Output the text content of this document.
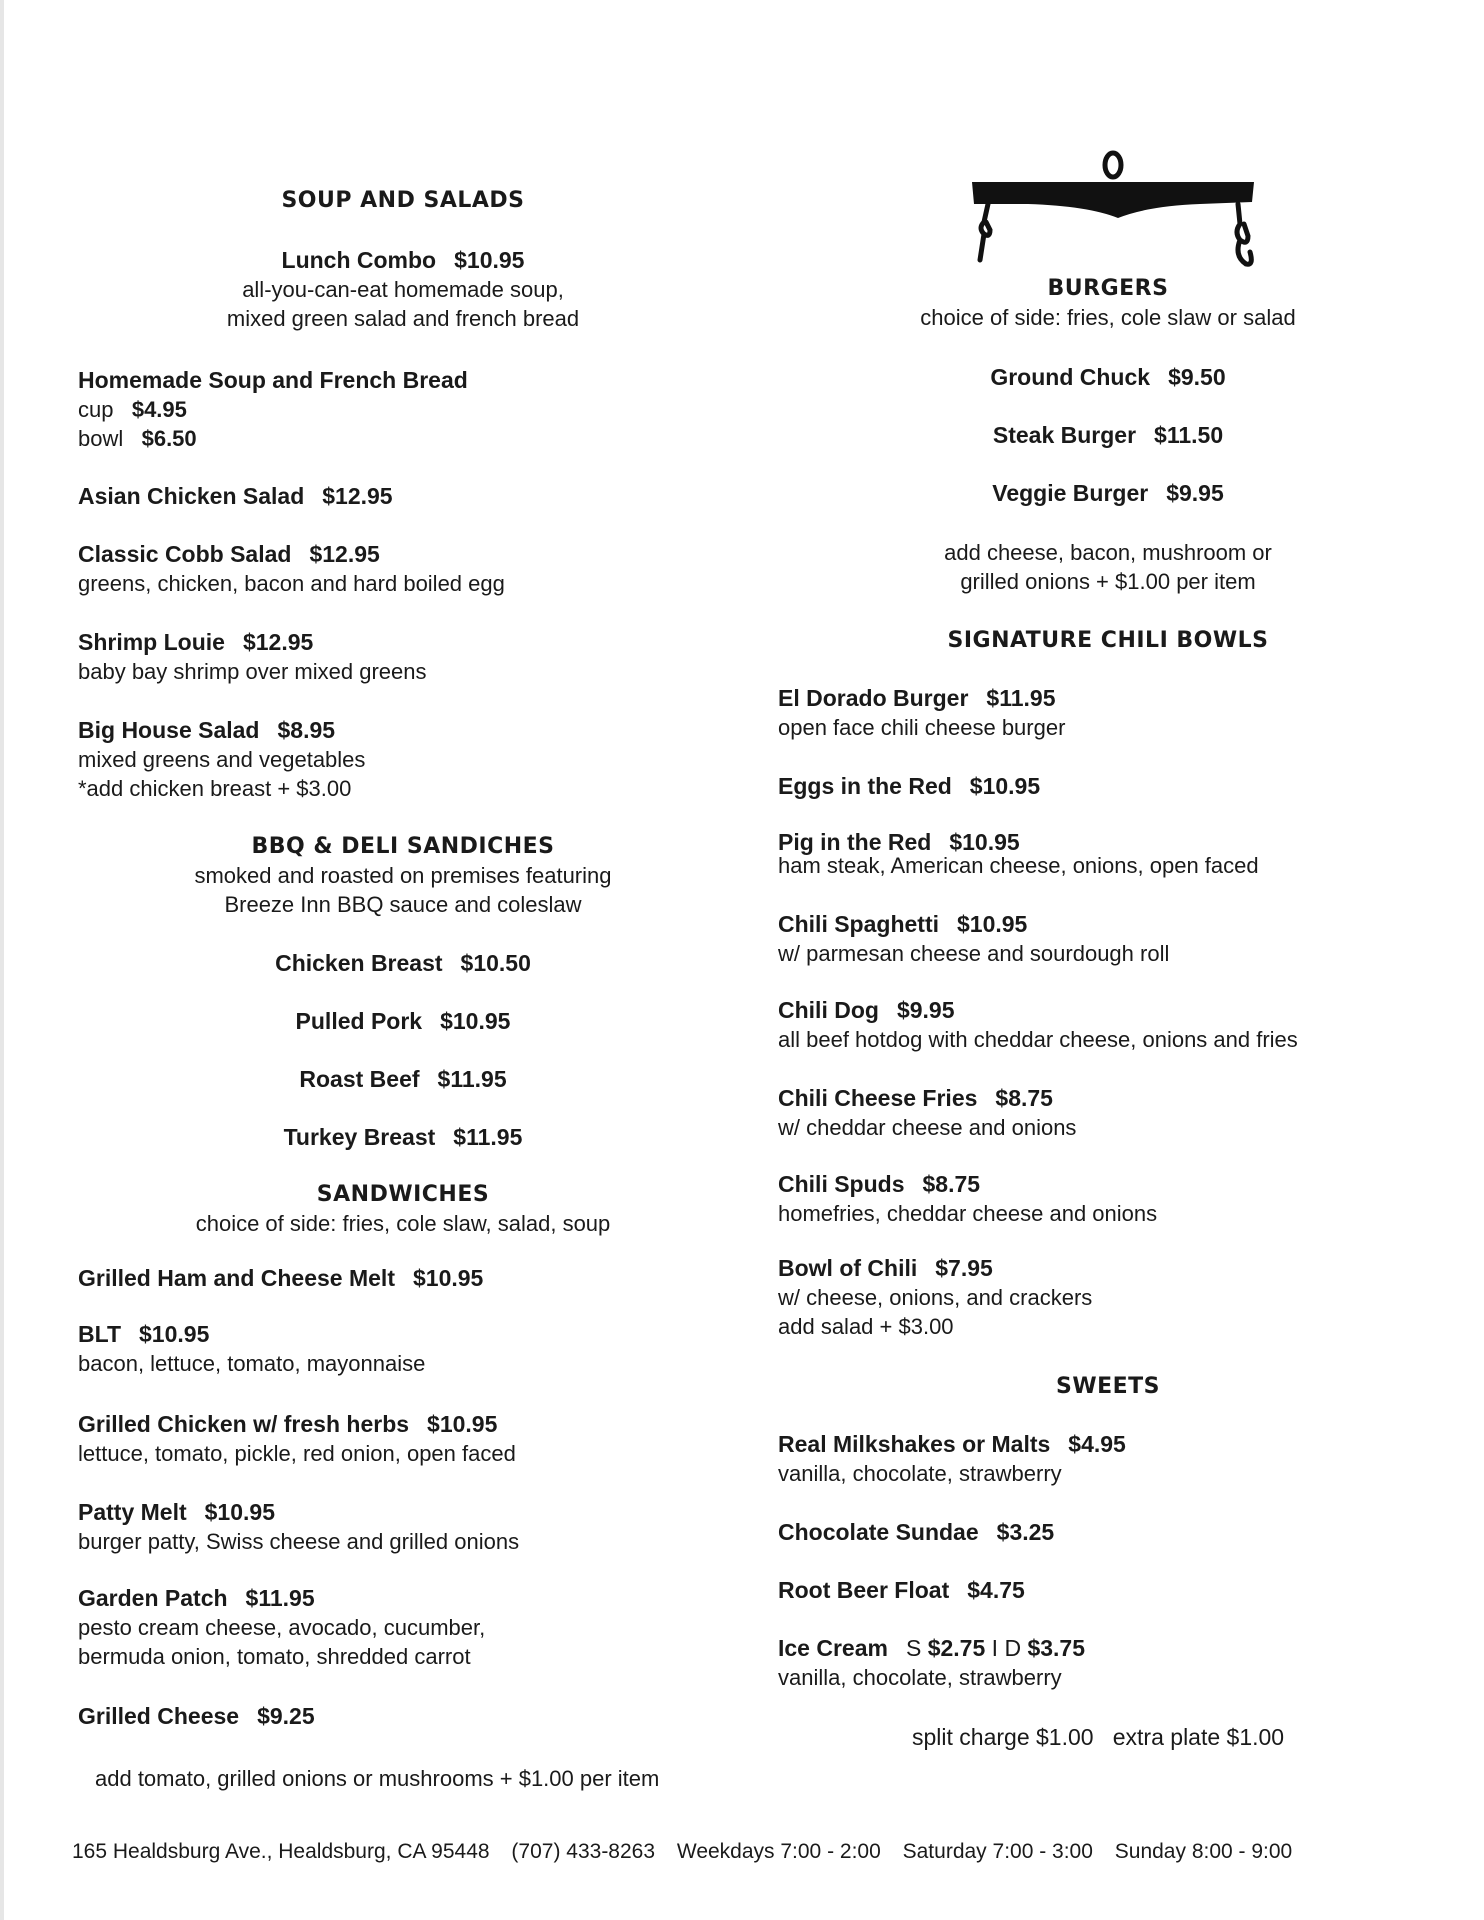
SOUP AND SALADS
Lunch Combo $10.95
all-you-can-eat homemade soup,
mixed green salad and french bread
Homemade Soup and French Bread
cup $4.95
bowl $6.50
Asian Chicken Salad $12.95
Classic Cobb Salad $12.95
greens, chicken, bacon and hard boiled egg
Shrimp Louie $12.95
baby bay shrimp over mixed greens
Big House Salad $8.95
mixed greens and vegetables
*add chicken breast + $3.00
BBQ & DELI SANDICHES
smoked and roasted on premises featuring
Breeze Inn BBQ sauce and coleslaw
Chicken Breast $10.50
Pulled Pork $10.95
Roast Beef $11.95
Turkey Breast $11.95
SANDWICHES
choice of side: fries, cole slaw, salad, soup
Grilled Ham and Cheese Melt $10.95
BLT $10.95
bacon, lettuce, tomato, mayonnaise
Grilled Chicken w/ fresh herbs $10.95
lettuce, tomato, pickle, red onion, open faced
Patty Melt $10.95
burger patty, Swiss cheese and grilled onions
Garden Patch $11.95
pesto cream cheese, avocado, cucumber,
bermuda onion, tomato, shredded carrot
Grilled Cheese $9.25
add tomato, grilled onions or mushrooms + $1.00 per item
BURGERS
choice of side: fries, cole slaw or salad
Ground Chuck $9.50
Steak Burger $11.50
Veggie Burger $9.95
add cheese, bacon, mushroom or
grilled onions + $1.00 per item
SIGNATURE CHILI BOWLS
El Dorado Burger $11.95
open face chili cheese burger
Eggs in the Red $10.95
Pig in the Red $10.95
ham steak, American cheese, onions, open faced
Chili Spaghetti $10.95
w/ parmesan cheese and sourdough roll
Chili Dog $9.95
all beef hotdog with cheddar cheese, onions and fries
Chili Cheese Fries $8.75
w/ cheddar cheese and onions
Chili Spuds $8.75
homefries, cheddar cheese and onions
Bowl of Chili $7.95
w/ cheese, onions, and crackers
add salad + $3.00
SWEETS
Real Milkshakes or Malts $4.95
vanilla, chocolate, strawberry
Chocolate Sundae $3.25
Root Beer Float $4.75
Ice Cream S $2.75 I D $3.75
vanilla, chocolate, strawberry
split charge $1.00 extra plate $1.00
165 Healdsburg Ave., Healdsburg, CA 95448 (707) 433-8263 Weekdays 7:00 - 2:00 Saturday 7:00 - 3:00 Sunday 8:00 - 9:00
